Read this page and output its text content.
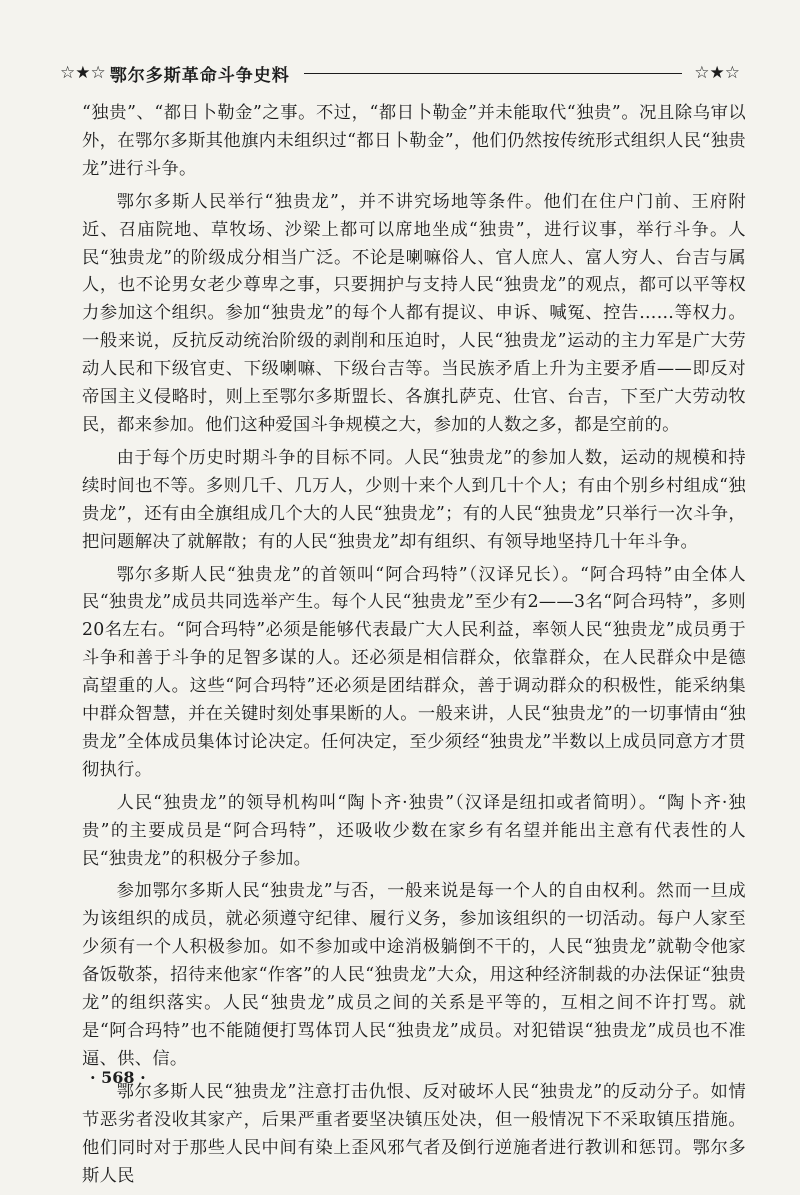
☆★☆ 鄂尔多斯革命斗争史料	☆★☆

“独贵”、“都日卜勒金”之事。不过，“都日卜勒金”并未能取代“独贵”。况且除乌审以外，在鄂尔多斯其他旗内未组织过“都日卜勒金”，他们仍然按传统形式组织人民“独贵龙”进行斗争。

鄂尔多斯人民举行“独贵龙”，并不讲究场地等条件。他们在住户门前、王府附近、召庙院地、草牧场、沙梁上都可以席地坐成“独贵”，进行议事，举行斗争。人民“独贵龙”的阶级成分相当广泛。不论是喇嘛俗人、官人庶人、富人穷人、台吉与属人，也不论男女老少尊卑之事，只要拥护与支持人民“独贵龙”的观点，都可以平等权力参加这个组织。参加“独贵龙”的每个人都有提议、申诉、喊冤、控告……等权力。一般来说，反抗反动统治阶级的剥削和压迫时，人民“独贵龙”运动的主力军是广大劳动人民和下级官吏、下级喇嘛、下级台吉等。当民族矛盾上升为主要矛盾——即反对帝国主义侵略时，则上至鄂尔多斯盟长、各旗扎萨克、仕官、台吉，下至广大劳动牧民，都来参加。他们这种爱国斗争规模之大，参加的人数之多，都是空前的。

由于每个历史时期斗争的目标不同。人民“独贵龙”的参加人数，运动的规模和持续时间也不等。多则几千、几万人，少则十来个人到几十个人；有由个别乡村组成“独贵龙”，还有由全旗组成几个大的人民“独贵龙”；有的人民“独贵龙”只举行一次斗争，把问题解决了就解散；有的人民“独贵龙”却有组织、有领导地坚持几十年斗争。

鄂尔多斯人民“独贵龙”的首领叫“阿合玛特”（汉译兄长）。“阿合玛特”由全体人民“独贵龙”成员共同选举产生。每个人民“独贵龙”至少有2——3名“阿合玛特”，多则20名左右。“阿合玛特”必须是能够代表最广大人民利益，率领人民“独贵龙”成员勇于斗争和善于斗争的足智多谋的人。还必须是相信群众，依靠群众，在人民群众中是德高望重的人。这些“阿合玛特”还必须是团结群众，善于调动群众的积极性，能采纳集中群众智慧，并在关键时刻处事果断的人。一般来讲，人民“独贵龙”的一切事情由“独贵龙”全体成员集体讨论决定。任何决定，至少须经“独贵龙”半数以上成员同意方才贯彻执行。

人民“独贵龙”的领导机构叫“陶卜齐·独贵”（汉译是纽扣或者简明）。“陶卜齐·独贵”的主要成员是“阿合玛特”，还吸收少数在家乡有名望并能出主意有代表性的人民“独贵龙”的积极分子参加。

参加鄂尔多斯人民“独贵龙”与否，一般来说是每一个人的自由权利。然而一旦成为该组织的成员，就必须遵守纪律、履行义务，参加该组织的一切活动。每户人家至少须有一个人积极参加。如不参加或中途消极躺倒不干的，人民“独贵龙”就勒令他家备饭敬茶，招待来他家“作客”的人民“独贵龙”大众，用这种经济制裁的办法保证“独贵龙”的组织落实。人民“独贵龙”成员之间的关系是平等的，互相之间不许打骂。就是“阿合玛特”也不能随便打骂体罚人民“独贵龙”成员。对犯错误“独贵龙”成员也不准逼、供、信。

鄂尔多斯人民“独贵龙”注意打击仇恨、反对破坏人民“独贵龙”的反动分子。如情节恶劣者没收其家产，后果严重者要坚决镇压处决，但一般情况下不采取镇压措施。他们同时对于那些人民中间有染上歪风邪气者及倒行逆施者进行教训和惩罚。鄂尔多斯人民

· 568 ·
